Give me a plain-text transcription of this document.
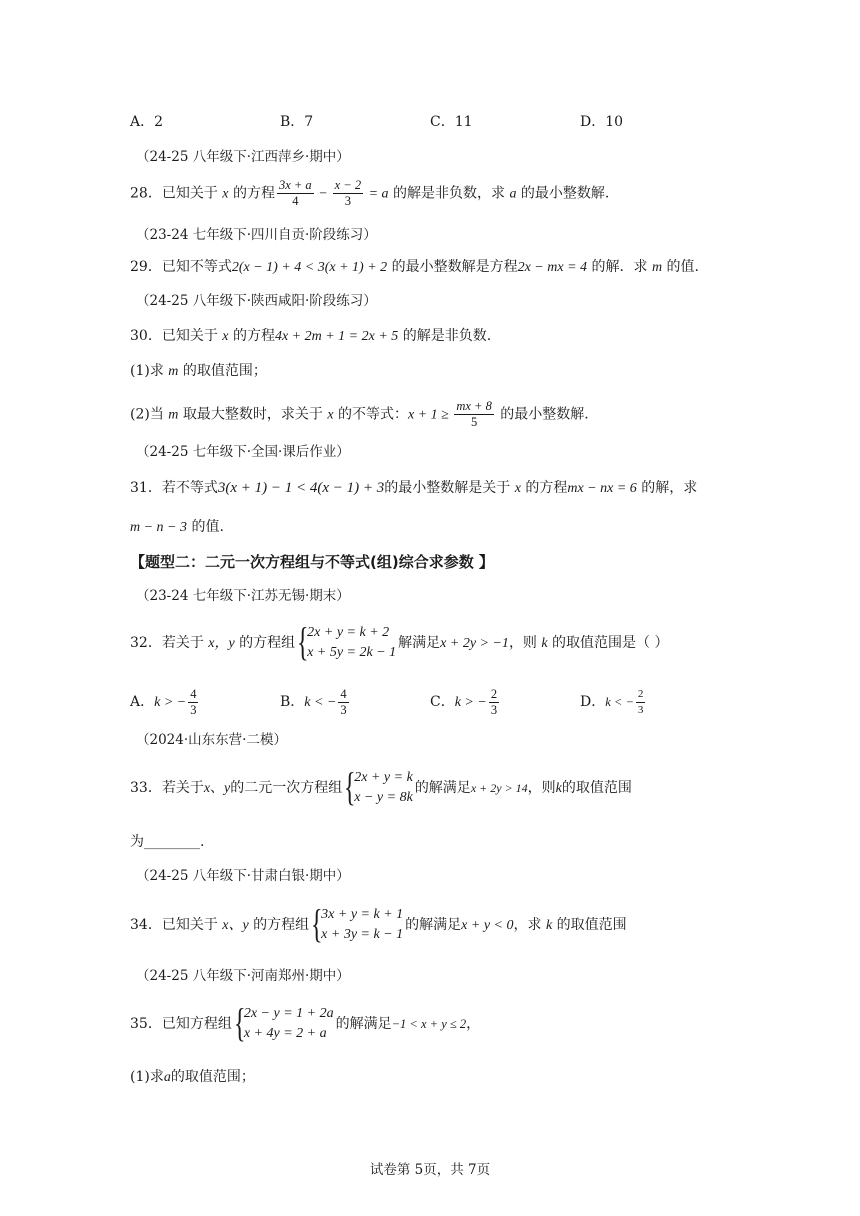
A．2	B．7	C．11	D．10
（24-25 八年级下·江西萍乡·期中）
28．已知关于 x 的方程 $\frac{3x + a}{4} - \frac{x - 2}{3} = a$ 的解是非负数，求 a 的最小整数解.
（23-24 七年级下·四川自贡·阶段练习）
29．已知不等式2(x − 1) + 4 < 3(x + 1) + 2 的最小整数解是方程2x − mx = 4 的解．求 m 的值.
（24-25 八年级下·陕西咸阳·阶段练习）
30．已知关于 x 的方程4x + 2m + 1 = 2x + 5 的解是非负数.
(1)求 m 的取值范围；
(2)当 m 取最大整数时，求关于 x 的不等式：$x + 1 \ge \frac{mx + 8}{5}$ 的最小整数解.
（24-25 七年级下·全国·课后作业）
31．若不等式3(x + 1) − 1 < 4(x − 1) + 3的最小整数解是关于 x 的方程mx − nx = 6 的解，求
m − n − 3 的值.
【题型二：二元一次方程组与不等式(组)综合求参数 】
（23-24 七年级下·江苏无锡·期末）
32．若关于 x，y 的方程组 {
2x + y = k + 2
x + 5y = 2k − 1
解满足x + 2y > −1，则 k 的取值范围是（ ）
A．k > − $\frac{4}{3}$	B．k < − $\frac{4}{3}$	C．k > − $\frac{2}{3}$	D．k < − $\frac{2}{3}$
（2024·山东东营·二模）
33．若关于x、y的二元一次方程组 {
2x + y = k
x − y = 8k
的解满足x + 2y > 14，则k的取值范围
为________.
（24-25 八年级下·甘肃白银·期中）
34．已知关于 x、y 的方程组 {
3x + y = k + 1
x + 3y = k − 1
的解满足x + y < 0，求 k 的取值范围
（24-25 八年级下·河南郑州·期中）
35．已知方程组 {
2x − y = 1 + 2a
x + 4y = 2 + a
的解满足−1 < x + y ≤ 2，
(1)求a的取值范围；
试卷第 5页，共 7页
